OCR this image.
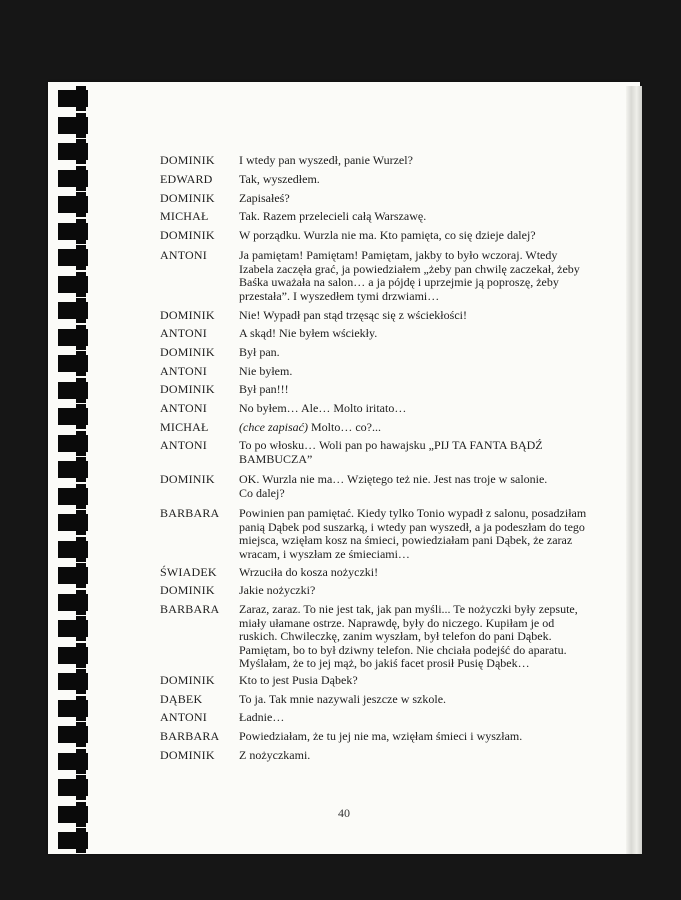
DOMINIK	I wtedy pan wyszedł, panie Wurzel?
EDWARD	Tak, wyszedłem.
DOMINIK	Zapisałeś?
MICHAŁ	Tak. Razem przelecieli całą Warszawę.
DOMINIK	W porządku. Wurzla nie ma. Kto pamięta, co się dzieje dalej?
ANTONI	Ja pamiętam! Pamiętam! Pamiętam, jakby to było wczoraj. Wtedy
Izabela zaczęła grać, ja powiedziałem „żeby pan chwilę zaczekał, żeby
Baśka uważała na salon… a ja pójdę i uprzejmie ją poproszę, żeby
przestała”. I wyszedłem tymi drzwiami…
DOMINIK	Nie! Wypadł pan stąd trzęsąc się z wściekłości!
ANTONI	A skąd! Nie byłem wściekły.
DOMINIK	Był pan.
ANTONI	Nie byłem.
DOMINIK	Był pan!!!
ANTONI	No byłem… Ale… Molto iritato…
MICHAŁ	(chce zapisać) Molto… co?...
ANTONI	To po włosku… Woli pan po hawajsku „PIJ TA FANTA BĄDŹ
BAMBUCZA”
DOMINIK	OK. Wurzla nie ma… Wziętego też nie. Jest nas troje w salonie.
Co dalej?
BARBARA	Powinien pan pamiętać. Kiedy tylko Tonio wypadł z salonu, posadziłam
panią Dąbek pod suszarką, i wtedy pan wyszedł, a ja podeszłam do tego
miejsca, wzięłam kosz na śmieci, powiedziałam pani Dąbek, że zaraz
wracam, i wyszłam ze śmieciami…
ŚWIADEK	Wrzuciła do kosza nożyczki!
DOMINIK	Jakie nożyczki?
BARBARA	Zaraz, zaraz. To nie jest tak, jak pan myśli... Te nożyczki były zepsute,
miały ułamane ostrze. Naprawdę, były do niczego. Kupiłam je od
ruskich. Chwileczkę, zanim wyszłam, był telefon do pani Dąbek.
Pamiętam, bo to był dziwny telefon. Nie chciała podejść do aparatu.
Myślałam, że to jej mąż, bo jakiś facet prosił Pusię Dąbek…
DOMINIK	Kto to jest Pusia Dąbek?
DĄBEK	To ja. Tak mnie nazywali jeszcze w szkole.
ANTONI	Ładnie…
BARBARA	Powiedziałam, że tu jej nie ma, wzięłam śmieci i wyszłam.
DOMINIK	Z nożyczkami.
40
